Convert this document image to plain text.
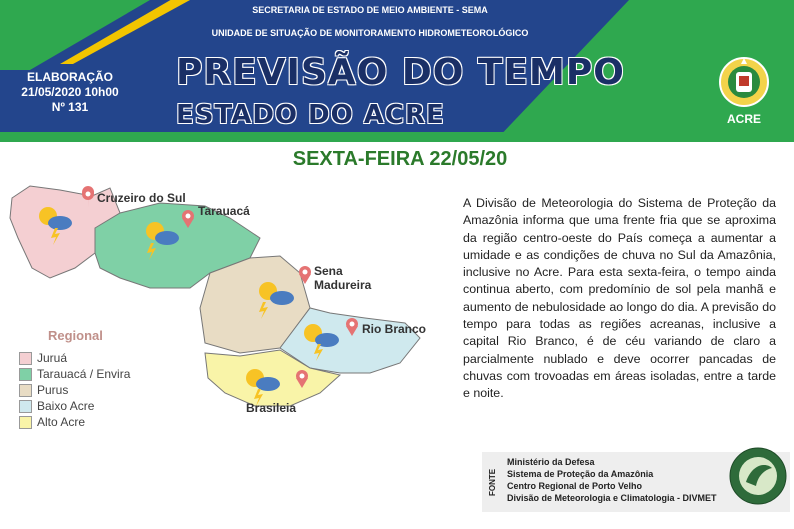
SECRETARIA DE ESTADO DE MEIO AMBIENTE - SEMA
UNIDADE DE SITUAÇÃO DE MONITORAMENTO HIDROMETEOROLÓGICO
ELABORAÇÃO
21/05/2020 10h00
Nº 131
PREVISÃO DO TEMPO
ESTADO DO ACRE	ACRE
SEXTA-FEIRA 22/05/20
Cruzeiro do Sul
Tarauacá
Sena
Madureira
Rio Branco
Brasileia
Regional
Juruá
Tarauacá / Envira
Purus
Baixo Acre
Alto Acre
A Divisão de Meteorologia do Sistema de Proteção da Amazônia informa que uma frente fria que se aproxima da região centro-oeste do País começa a aumentar a umidade e as condições de chuva no Sul da Amazônia, inclusive no Acre. Para esta sexta-feira, o tempo ainda continua aberto, com predomínio de sol pela manhã e aumento de nebulosidade ao longo do dia. A previsão do tempo para todas as regiões acreanas, inclusive a capital Rio Branco, é de céu variando de claro a parcialmente nublado e deve ocorrer pancadas de chuvas com trovoadas em áreas isoladas, entre a tarde e noite.
FONTE
Ministério da Defesa
Sistema de Proteção da Amazônia
Centro Regional de Porto Velho
Divisão de Meteorologia e Climatologia - DIVMET
